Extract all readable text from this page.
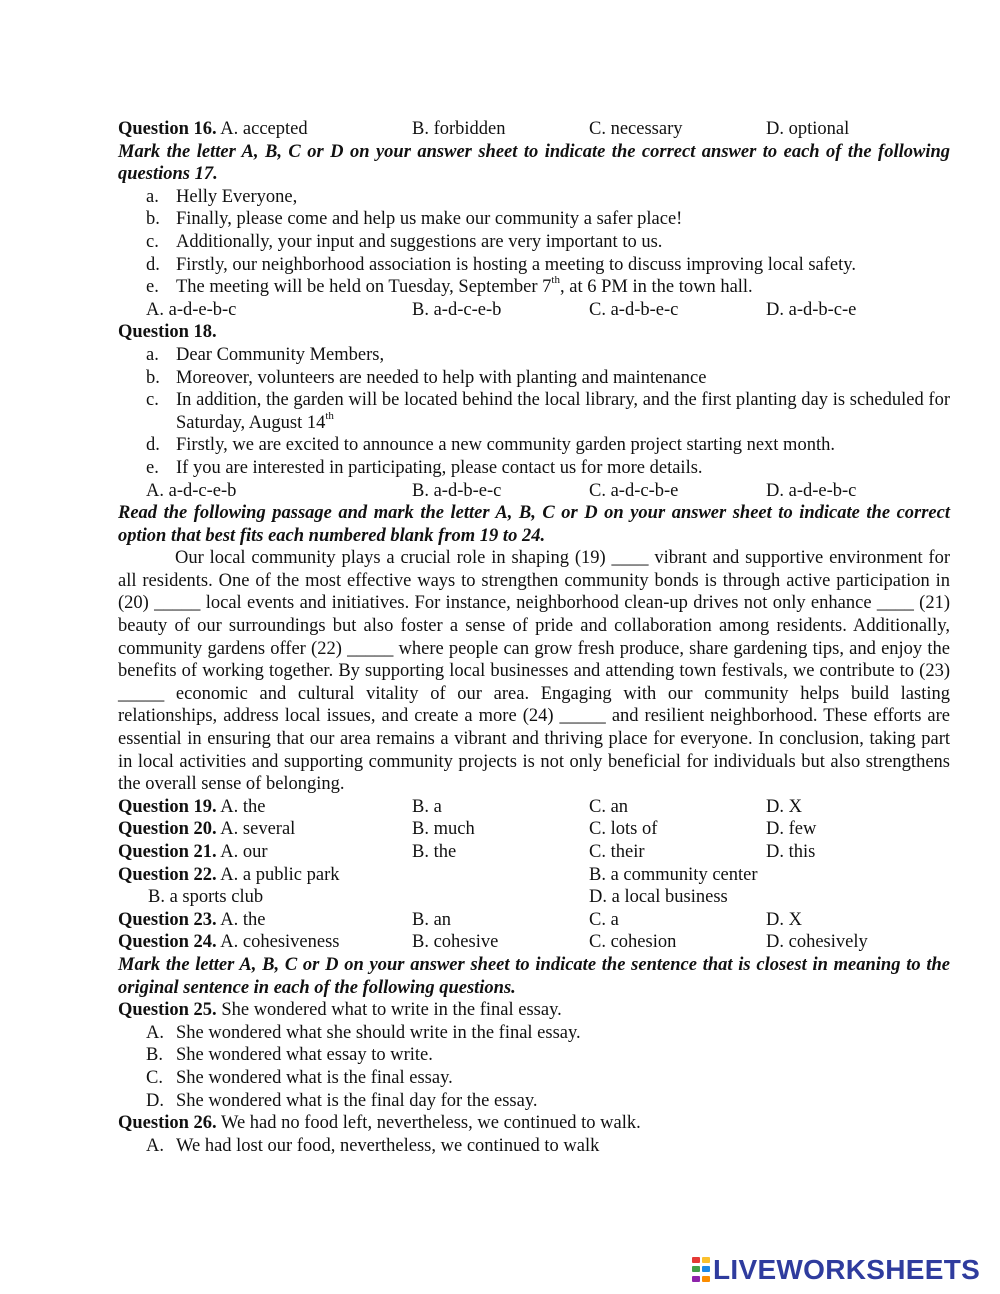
Question 16. A. accepted	B. forbidden	C. necessary	D. optional
Mark the letter A, B, C or D on your answer sheet to indicate the correct answer to each of the following questions 17.
a. Helly Everyone,
b. Finally, please come and help us make our community a safer place!
c. Additionally, your input and suggestions are very important to us.
d. Firstly, our neighborhood association is hosting a meeting to discuss improving local safety.
e. The meeting will be held on Tuesday, September 7th, at 6 PM in the town hall.
A. a-d-e-b-c	B. a-d-c-e-b	C. a-d-b-e-c	D. a-d-b-c-e
Question 18.
a. Dear Community Members,
b. Moreover, volunteers are needed to help with planting and maintenance
c. In addition, the garden will be located behind the local library, and the first planting day is scheduled for Saturday, August 14th
d. Firstly, we are excited to announce a new community garden project starting next month.
e. If you are interested in participating, please contact us for more details.
A. a-d-c-e-b	B. a-d-b-e-c	C. a-d-c-b-e	D. a-d-e-b-c
Read the following passage and mark the letter A, B, C or D on your answer sheet to indicate the correct option that best fits each numbered blank from 19 to 24.
Our local community plays a crucial role in shaping (19) ____ vibrant and supportive environment for all residents. One of the most effective ways to strengthen community bonds is through active participation in (20) _____ local events and initiatives. For instance, neighborhood clean-up drives not only enhance ____ (21) beauty of our surroundings but also foster a sense of pride and collaboration among residents. Additionally, community gardens offer (22) _____ where people can grow fresh produce, share gardening tips, and enjoy the benefits of working together. By supporting local businesses and attending town festivals, we contribute to (23) _____ economic and cultural vitality of our area. Engaging with our community helps build lasting relationships, address local issues, and create a more (24) _____ and resilient neighborhood. These efforts are essential in ensuring that our area remains a vibrant and thriving place for everyone. In conclusion, taking part in local activities and supporting community projects is not only beneficial for individuals but also strengthens the overall sense of belonging.
Question 19. A. the	B. a	C. an	D. X
Question 20. A. several	B. much	C. lots of	D. few
Question 21. A. our	B. the	C. their	D. this
Question 22. A. a public park	B. a community center
B. a sports club	D. a local business
Question 23. A. the	B. an	C. a	D. X
Question 24. A. cohesiveness	B. cohesive	C. cohesion	D. cohesively
Mark the letter A, B, C or D on your answer sheet to indicate the sentence that is closest in meaning to the original sentence in each of the following questions.
Question 25. She wondered what to write in the final essay.
A. She wondered what she should write in the final essay.
B. She wondered what essay to write.
C. She wondered what is the final essay.
D. She wondered what is the final day for the essay.
Question 26. We had no food left, nevertheless, we continued to walk.
A. We had lost our food, nevertheless, we continued to walk
LIVEWORKSHEETS
